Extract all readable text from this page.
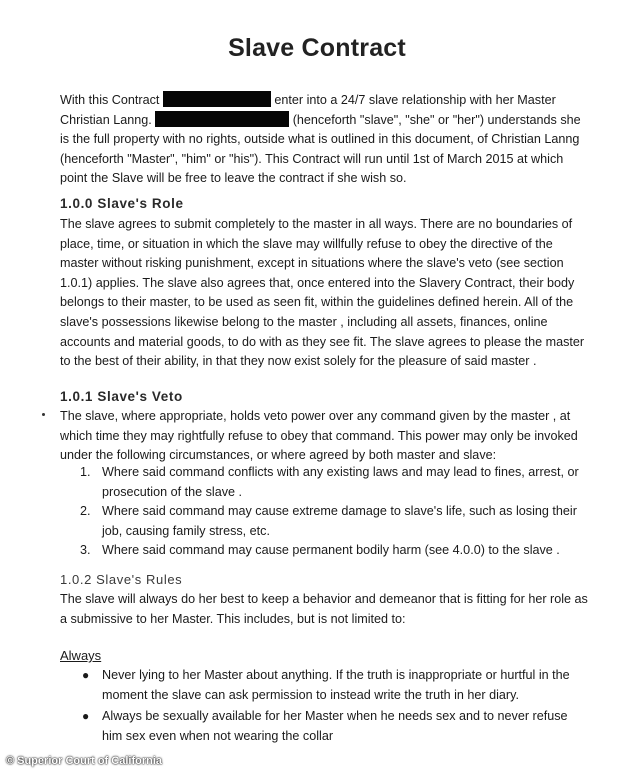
Slave Contract

With this Contract	enter into a 24/7 slave relationship with her Master Christian Lanng.	(henceforth "slave", "she" or "her") understands she is the full property with no rights, outside what is outlined in this document, of Christian Lanng (henceforth "Master", "him" or "his"). This Contract will run until 1st of March 2015 at which point the Slave will be free to leave the contract if she wish so.

1.0.0 Slave's Role

The slave agrees to submit completely to the master in all ways. There are no boundaries of place, time, or situation in which the slave may willfully refuse to obey the directive of the master without risking punishment, except in situations where the slave's veto (see section 1.0.1) applies. The slave also agrees that, once entered into the Slavery Contract, their body belongs to their master, to be used as seen fit, within the guidelines defined herein. All of the slave's possessions likewise belong to the master , including all assets, finances, online accounts and material goods, to do with as they see fit. The slave agrees to please the master to the best of their ability, in that they now exist solely for the pleasure of said master .

1.0.1 Slave's Veto

The slave, where appropriate, holds veto power over any command given by the master , at which time they may rightfully refuse to obey that command. This power may only be invoked under the following circumstances, or where agreed by both master and slave:

1. Where said command conflicts with any existing laws and may lead to fines, arrest, or prosecution of the slave .
2. Where said command may cause extreme damage to slave's life, such as losing their job, causing family stress, etc.
3. Where said command may cause permanent bodily harm (see 4.0.0) to the slave .
1.0.2 Slave's Rules

The slave will always do her best to keep a behavior and demeanor that is fitting for her role as a submissive to her Master. This includes, but is not limited to:

Always

● Never lying to her Master about anything. If the truth is inappropriate or hurtful in the moment the slave can ask permission to instead write the truth in her diary.
● Always be sexually available for her Master when he needs sex and to never refuse him sex even when not wearing the collar
© Superior Court of California
